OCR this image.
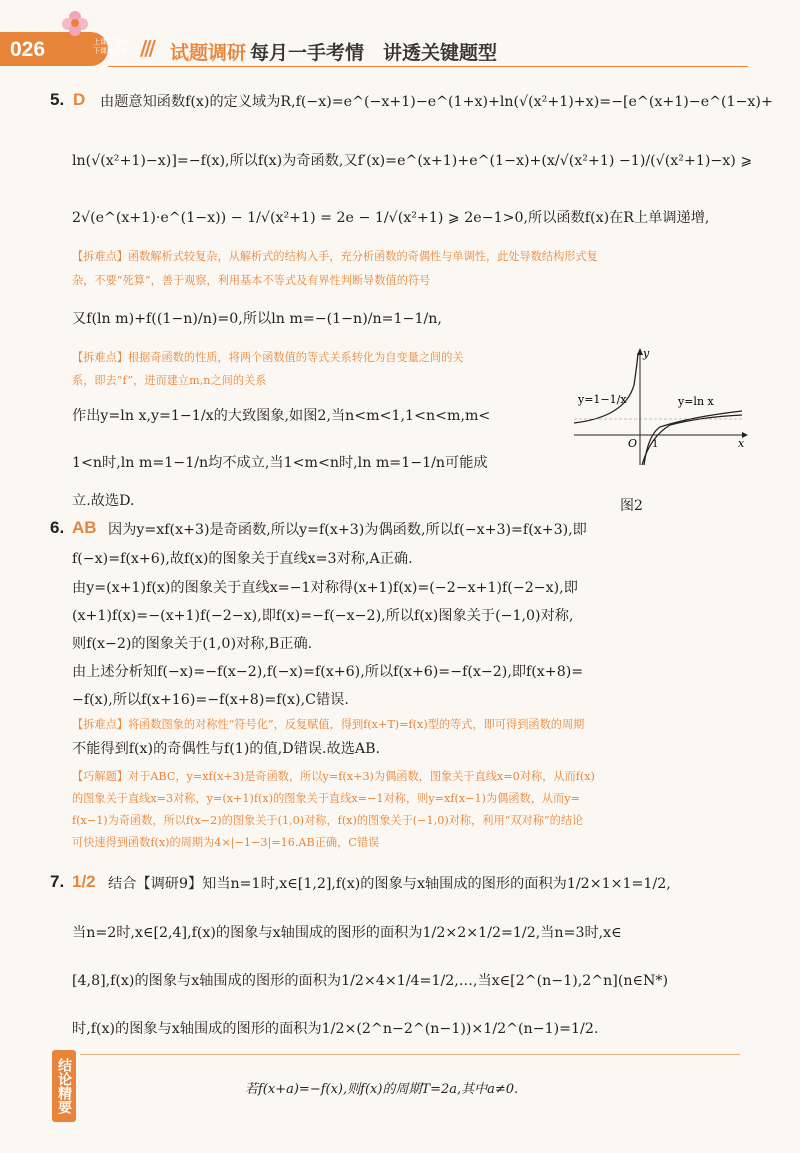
026	上课认真听
下课练习做 /// 试题调研 每月一手考情　讲透关键题型
5. D 由题意知函数f(x)的定义域为R,f(−x)=e^(−x+1)−e^(1+x)+ln(√(x²+1)+x)=−[e^(x+1)−e^(1−x)+
ln(√(x²+1)−x)]=−f(x),所以f(x)为奇函数,又f′(x)=e^(x+1)+e^(1−x)+(x/√(x²+1) −1)/(√(x²+1)−x) ⩾
2√(e^(x+1)·e^(1−x)) − 1/√(x²+1) = 2e − 1/√(x²+1) ⩾ 2e−1>0,所以函数f(x)在R上单调递增,
【拆难点】函数解析式较复杂，从解析式的结构入手，充分析函数的奇偶性与单调性，此处导数结构形式复
杂，不要“死算”，善于观察，利用基本不等式及有界性判断导数值的符号
又f(ln m)+f((1−n)/n)=0,所以ln m=−(1−n)/n=1−1/n,
【拆难点】根据奇函数的性质，将两个函数值的等式关系转化为自变量之间的关
系，即去“f”，进而建立m,n之间的关系
作出y=ln x,y=1−1/x的大致图象,如图2,当n<m<1,1<n<m,m<
1<n时,ln m=1−1/n均不成立,当1<m<n时,ln m=1−1/n可能成
立.故选D.
y
x
O 1
y=1−1/x	y=ln x
图2
6. AB 因为y=xf(x+3)是奇函数,所以y=f(x+3)为偶函数,所以f(−x+3)=f(x+3),即
f(−x)=f(x+6),故f(x)的图象关于直线x=3对称,A正确.
由y=(x+1)f(x)的图象关于直线x=−1对称得(x+1)f(x)=(−2−x+1)f(−2−x),即
(x+1)f(x)=−(x+1)f(−2−x),即f(x)=−f(−x−2),所以f(x)图象关于(−1,0)对称,
则f(x−2)的图象关于(1,0)对称,B正确.
由上述分析知f(−x)=−f(x−2),f(−x)=f(x+6),所以f(x+6)=−f(x−2),即f(x+8)=
−f(x),所以f(x+16)=−f(x+8)=f(x),C错误.
【拆难点】将函数图象的对称性“符号化”，反复赋值，得到f(x+T)=f(x)型的等式，即可得到函数的周期
不能得到f(x)的奇偶性与f(1)的值,D错误.故选AB.
【巧解题】对于ABC，y=xf(x+3)是奇函数，所以y=f(x+3)为偶函数，图象关于直线x=0对称，从而f(x)
的图象关于直线x=3对称，y=(x+1)f(x)的图象关于直线x=−1对称，则y=xf(x−1)为偶函数，从而y=
f(x−1)为奇函数，所以f(x−2)的图象关于(1,0)对称，f(x)的图象关于(−1,0)对称，利用“双对称”的结论
可快速得到函数f(x)的周期为4×|−1−3|=16.AB正确，C错误
7. 1/2 结合【调研9】知当n=1时,x∈[1,2],f(x)的图象与x轴围成的图形的面积为1/2×1×1=1/2,
当n=2时,x∈[2,4],f(x)的图象与x轴围成的图形的面积为1/2×2×1/2=1/2,当n=3时,x∈
[4,8],f(x)的图象与x轴围成的图形的面积为1/2×4×1/4=1/2,…,当x∈[2^(n−1),2^n](n∈N*)
时,f(x)的图象与x轴围成的图形的面积为1/2×(2^n−2^(n−1))×1/2^(n−1)=1/2.
结论精要	若f(x+a)=−f(x),则f(x)的周期T=2a,其中a≠0.
